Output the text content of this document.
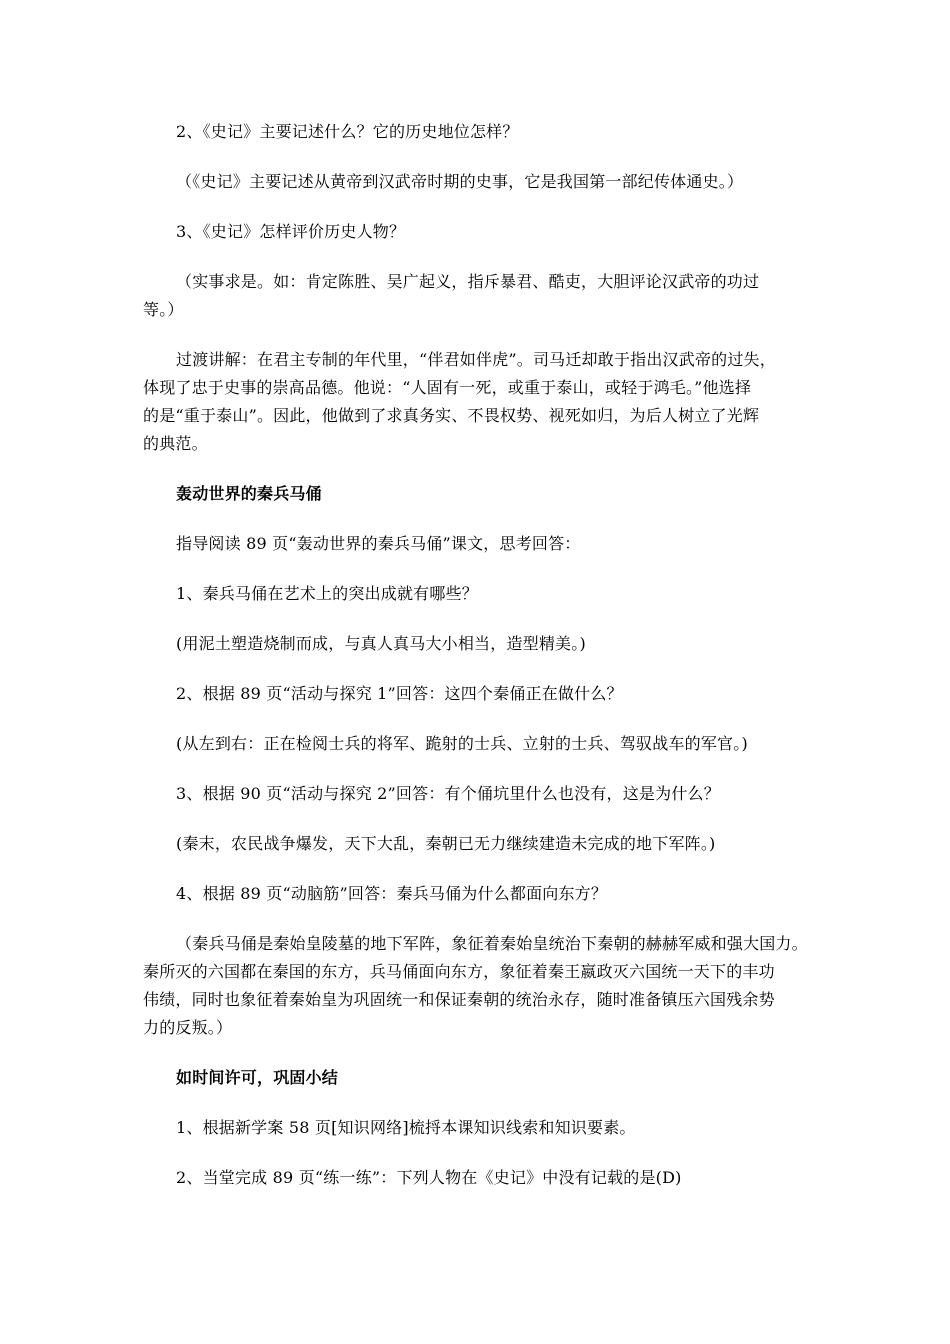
2、《史记》主要记述什么？它的历史地位怎样？
（《史记》主要记述从黄帝到汉武帝时期的史事，它是我国第一部纪传体通史。）
3、《史记》怎样评价历史人物？
（实事求是。如：肯定陈胜、吴广起义，指斥暴君、酷吏，大胆评论汉武帝的功过
等。）
过渡讲解：在君主专制的年代里，“伴君如伴虎”。司马迁却敢于指出汉武帝的过失，
体现了忠于史事的崇高品德。他说：“人固有一死，或重于泰山，或轻于鸿毛。”他选择
的是“重于泰山”。因此，他做到了求真务实、不畏权势、视死如归，为后人树立了光辉
的典范。
轰动世界的秦兵马俑
指导阅读 89 页“轰动世界的秦兵马俑”课文，思考回答：
1、秦兵马俑在艺术上的突出成就有哪些？
(用泥土塑造烧制而成，与真人真马大小相当，造型精美。)
2、根据 89 页“活动与探究 1”回答：这四个秦俑正在做什么？
(从左到右：正在检阅士兵的将军、跪射的士兵、立射的士兵、驾驭战车的军官。)
3、根据 90 页“活动与探究 2”回答：有个俑坑里什么也没有，这是为什么？
(秦末，农民战争爆发，天下大乱，秦朝已无力继续建造未完成的地下军阵。)
4、根据 89 页“动脑筋”回答：秦兵马俑为什么都面向东方？
（秦兵马俑是秦始皇陵墓的地下军阵，象征着秦始皇统治下秦朝的赫赫军威和强大国力。
秦所灭的六国都在秦国的东方，兵马俑面向东方，象征着秦王嬴政灭六国统一天下的丰功
伟绩，同时也象征着秦始皇为巩固统一和保证秦朝的统治永存，随时准备镇压六国残余势
力的反叛。）
如时间许可，巩固小结
1、根据新学案 58 页[知识网络]梳捋本课知识线索和知识要素。
2、当堂完成 89 页“练一练”：下列人物在《史记》中没有记载的是(D)
